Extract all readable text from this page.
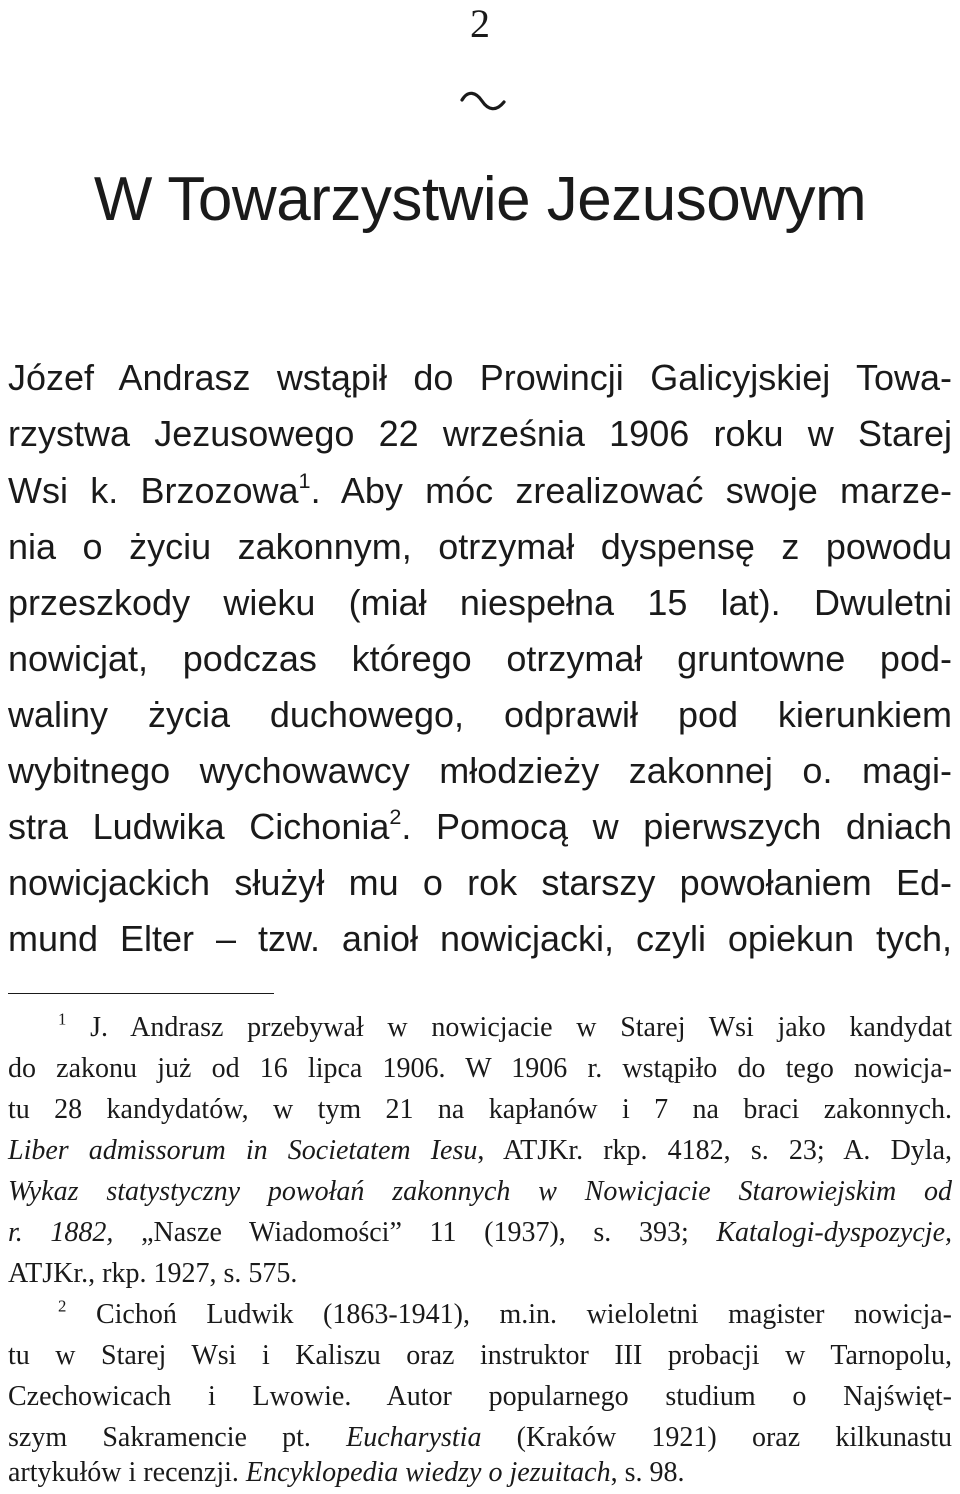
2
W Towarzystwie Jezusowym
Józef Andrasz wstąpił do Prowincji Galicyjskiej Towa-
rzystwa Jezusowego 22 września 1906 roku w Starej
Wsi k. Brzozowa$^1$. Aby móc zrealizować swoje marze-
nia o życiu zakonnym, otrzymał dyspensę z powodu
przeszkody wieku (miał niespełna 15 lat). Dwuletni
nowicjat, podczas którego otrzymał gruntowne pod-
waliny życia duchowego, odprawił pod kierunkiem
wybitnego wychowawcy młodzieży zakonnej o. magi-
stra Ludwika Cichonia$^2$. Pomocą w pierwszych dniach
nowicjackich służył mu o rok starszy powołaniem Ed-
mund Elter – tzw. anioł nowicjacki, czyli opiekun tych,
$^1$ J. Andrasz przebywał w nowicjacie w Starej Wsi jako kandydat
do zakonu już od 16 lipca 1906. W 1906 r. wstąpiło do tego nowicja-
tu 28 kandydatów, w tym 21 na kapłanów i 7 na braci zakonnych.
Liber admissorum in Societatem Iesu, ATJKr. rkp. 4182, s. 23; A. Dyla,
Wykaz statystyczny powołań zakonnych w Nowicjacie Starowiejskim od
r. 1882, „Nasze Wiadomości” 11 (1937), s. 393; Katalogi-dyspozycje,
ATJKr., rkp. 1927, s. 575.
$^2$ Cichoń Ludwik (1863-1941), m.in. wieloletni magister nowicja-
tu w Starej Wsi i Kaliszu oraz instruktor III probacji w Tarnopolu,
Czechowicach i Lwowie. Autor popularnego studium o Najświęt-
szym Sakramencie pt. Eucharystia (Kraków 1921) oraz kilkunastu
artykułów i recenzji. Encyklopedia wiedzy o jezuitach, s. 98.
